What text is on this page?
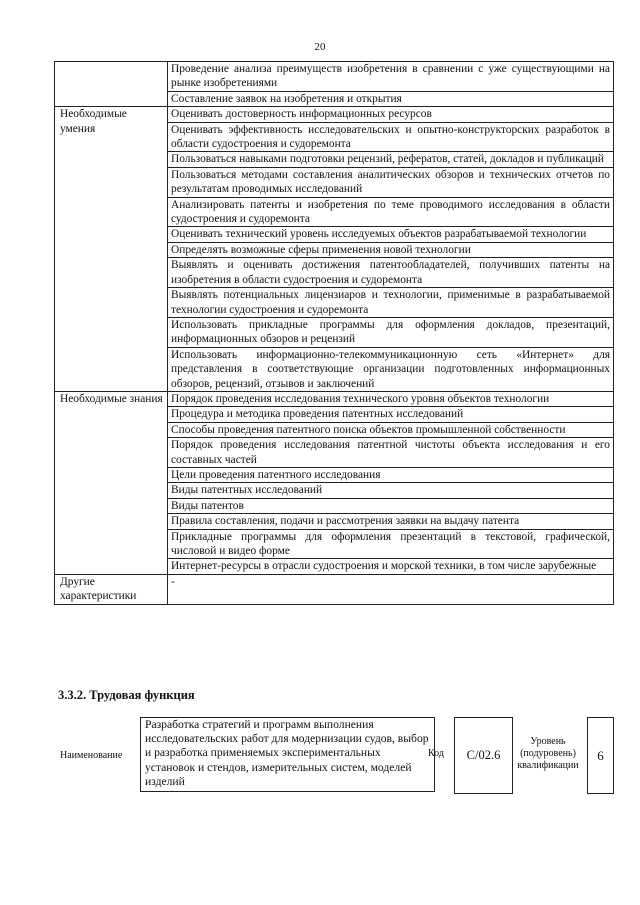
20
	Проведение анализа преимуществ изобретения в сравнении с уже существующими на рынке изобретениями
	Составление заявок на изобретения и открытия
Необходимые умения	Оценивать достоверность информационных ресурсов
	Оценивать эффективность исследовательских и опытно-конструкторских разработок в области судостроения и судоремонта
	Пользоваться навыками подготовки рецензий, рефератов, статей, докладов и публикаций
	Пользоваться методами составления аналитических обзоров и технических отчетов по результатам проводимых исследований
	Анализировать патенты и изобретения по теме проводимого исследования в области судостроения и судоремонта
	Оценивать технический уровень исследуемых объектов разрабатываемой технологии
	Определять возможные сферы применения новой технологии
	Выявлять и оценивать достижения патентообладателей, получивших патенты на изобретения в области судостроения и судоремонта
	Выявлять потенциальных лицензиаров и технологии, применимые в разрабатываемой технологии судостроения и судоремонта
	Использовать прикладные программы для оформления докладов, презентаций, информационных обзоров и рецензий
	Использовать информационно-телекоммуникационную сеть «Интернет» для представления в соответствующие организации подготовленных информационных обзоров, рецензий, отзывов и заключений
Необходимые знания	Порядок проведения исследования технического уровня объектов технологии
	Процедура и методика проведения патентных исследований
	Способы проведения патентного поиска объектов промышленной собственности
	Порядок проведения исследования патентной чистоты объекта исследования и его составных частей
	Цели проведения патентного исследования
	Виды патентных исследований
	Виды патентов
	Правила составления, подачи и рассмотрения заявки на выдачу патента
	Прикладные программы для оформления презентаций в текстовой, графической, числовой и видео форме
	Интернет-ресурсы в отрасли судостроения и морской техники, в том числе зарубежные
Другие характеристики	-
3.3.2. Трудовая функция
Наименование
Разработка стратегий и программ выполнения исследовательских работ для модернизации судов, выбор и разработка применяемых экспериментальных установок и стендов, измерительных систем, моделей изделий
Код	С/02.6
Уровень (подуровень) квалификации
6
